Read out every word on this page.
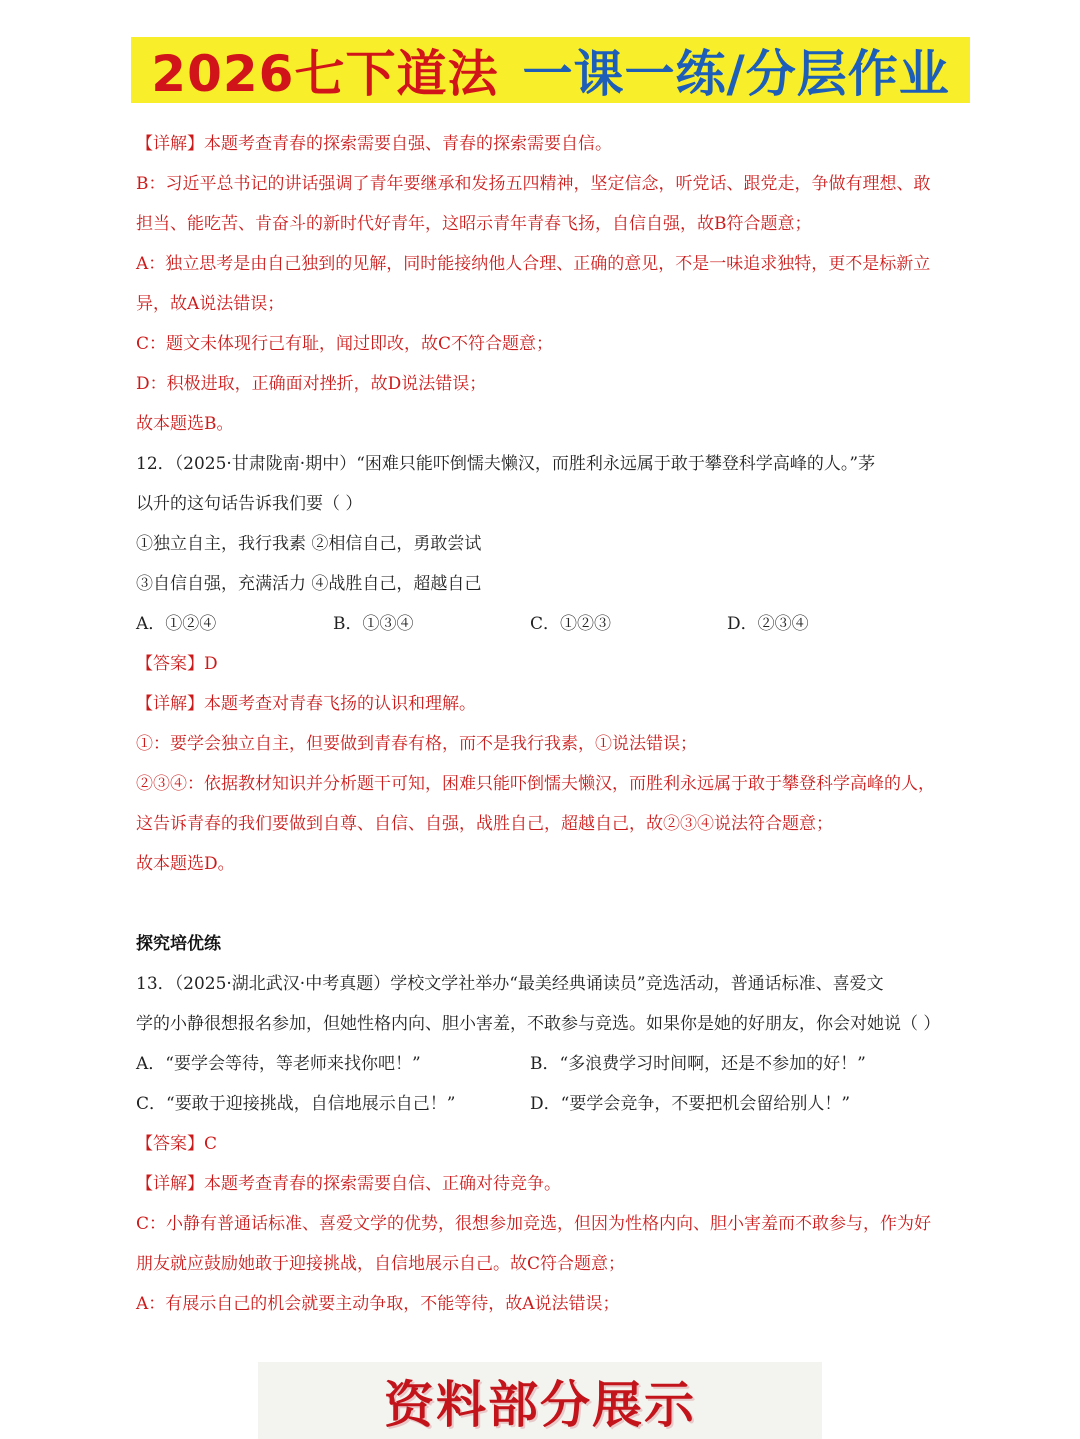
2026七下道法 一课一练/分层作业
【详解】本题考查青春的探索需要自强、青春的探索需要自信。
B：习近平总书记的讲话强调了青年要继承和发扬五四精神，坚定信念，听党话、跟党走，争做有理想、敢
担当、能吃苦、肯奋斗的新时代好青年，这昭示青年青春飞扬，自信自强，故B符合题意；
A：独立思考是由自己独到的见解，同时能接纳他人合理、正确的意见，不是一味追求独特，更不是标新立
异，故A说法错误；
C：题文未体现行己有耻，闻过即改，故C不符合题意；
D：积极进取，正确面对挫折，故D说法错误；
故本题选B。
12．（2025·甘肃陇南·期中）“困难只能吓倒懦夫懒汉，而胜利永远属于敢于攀登科学高峰的人。”茅
以升的这句话告诉我们要（ ）
①独立自主，我行我素 ②相信自己，勇敢尝试
③自信自强，充满活力 ④战胜自己，超越自己
A．①②④	B．①③④	C．①②③	D．②③④
【答案】D
【详解】本题考查对青春飞扬的认识和理解。
①：要学会独立自主，但要做到青春有格，而不是我行我素，①说法错误；
②③④：依据教材知识并分析题干可知，困难只能吓倒懦夫懒汉，而胜利永远属于敢于攀登科学高峰的人，
这告诉青春的我们要做到自尊、自信、自强，战胜自己，超越自己，故②③④说法符合题意；
故本题选D。
探究培优练
13．（2025·湖北武汉·中考真题）学校文学社举办“最美经典诵读员”竞选活动，普通话标准、喜爱文
学的小静很想报名参加，但她性格内向、胆小害羞，不敢参与竞选。如果你是她的好朋友，你会对她说（ ）
A．“要学会等待，等老师来找你吧！”	B．“多浪费学习时间啊，还是不参加的好！”
C．“要敢于迎接挑战，自信地展示自己！”	D．“要学会竞争，不要把机会留给别人！”
【答案】C
【详解】本题考查青春的探索需要自信、正确对待竞争。
C：小静有普通话标准、喜爱文学的优势，很想参加竞选，但因为性格内向、胆小害羞而不敢参与，作为好
朋友就应鼓励她敢于迎接挑战，自信地展示自己。故C符合题意；
A：有展示自己的机会就要主动争取，不能等待，故A说法错误；
资料部分展示
